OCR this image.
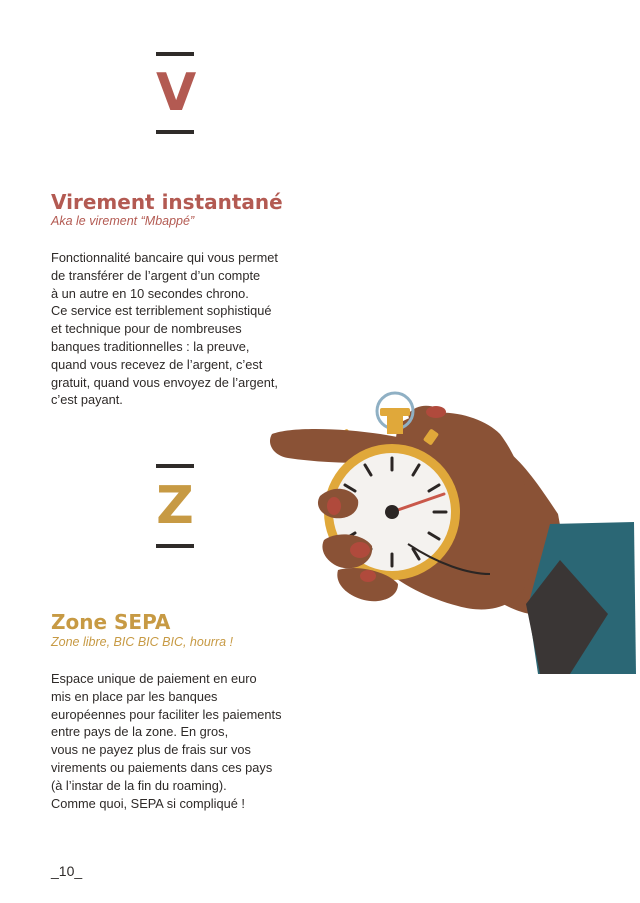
V
Virement instantané

Aka le virement “Mbappé”

Fonctionnalité bancaire qui vous permet
de transférer de l’argent d’un compte
à un autre en 10 secondes chrono.
Ce service est terriblement sophistiqué
et technique pour de nombreuses
banques traditionnelles : la preuve,
quand vous recevez de l’argent, c’est
gratuit, quand vous envoyez de l’argent,
c’est payant.

Z
Zone SEPA

Zone libre, BIC BIC BIC, hourra !

Espace unique de paiement en euro
mis en place par les banques
européennes pour faciliter les paiements
entre pays de la zone. En gros,
vous ne payez plus de frais sur vos
virements ou paiements dans ces pays
(à l’instar de la fin du roaming).
Comme quoi, SEPA si compliqué !

_10_
